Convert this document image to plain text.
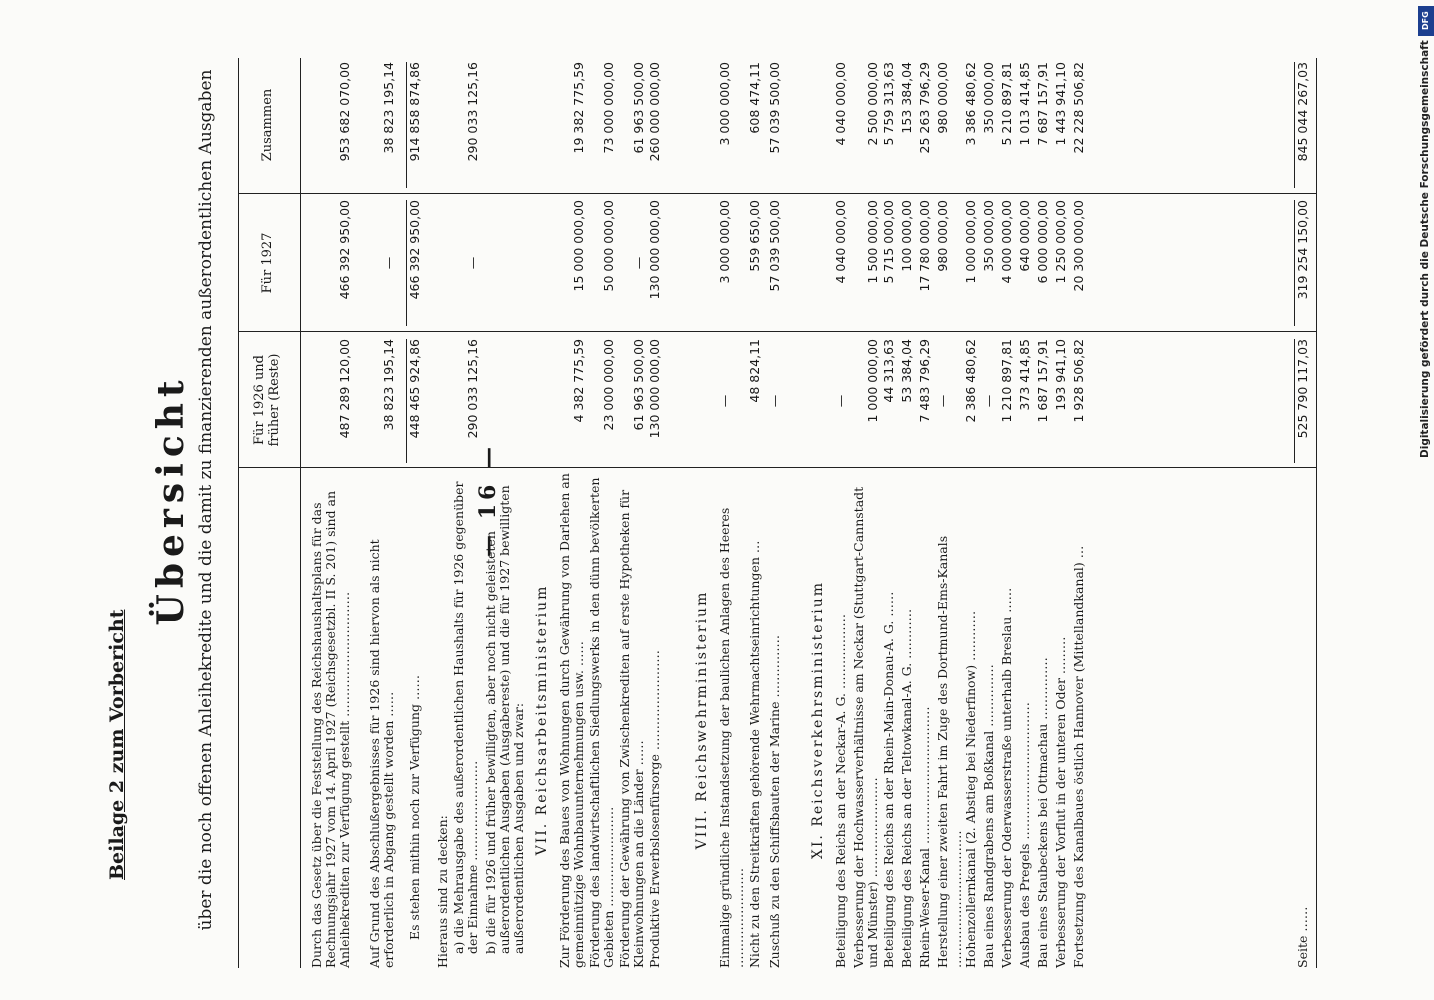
— 16 —
Beilage 2 zum Vorbericht
Übersicht über die noch offenen Anleihekredite und die damit zu finanzierenden außerordentlichen Ausgaben	Für 1926 und früher (Reste)
Für 1927
Zusammen
Durch das Gesetz über die Feststellung des Reichshaushaltsplans für das Rechnungsjahr 1927 vom 14. April 1927 (Reichsgesetzbl. II S. 201) sind an Anleihekrediten zur Verfügung gestellt …………………………
487 289 120,00
466 392 950,00
953 682 070,00
Auf Grund des Abschlußergebnisses für 1926 sind hiervon als nicht erforderlich in Abgang gestellt worden ……
38 823 195,14
—
38 823 195,14
Es stehen mithin noch zur Verfügung ……
448 465 924,86
466 392 950,00
914 858 874,86
Hieraus sind zu decken: a) die Mehrausgabe des außerordentlichen Haushalts für 1926 gegenüber der Einnahme ……………………
290 033 125,16
—
290 033 125,16
b) die für 1926 und früher bewilligten, aber noch nicht geleisteten außerordentlichen Ausgaben (Ausgabereste) und die für 1927 bewilligten außerordentlichen Ausgaben und zwar: VII. Reichsarbeitsministerium Zur Förderung des Baues von Wohnungen durch Gewährung von Darlehen an gemeinnützige Wohnbauunternehmungen usw. ……
4 382 775,59
15 000 000,00
19 382 775,59
Förderung des landwirtschaftlichen Siedlungswerks in den dünn bevölkerten Gebieten ……………………
23 000 000,00
50 000 000,00
73 000 000,00
Förderung der Gewährung von Zwischenkrediten auf erste Hypotheken für Kleinwohnungen an die Länder ……
61 963 500,00
—
61 963 500,00
Produktive Erwerbslosenfürsorge ……………………
130 000 000,00
130 000 000,00
260 000 000,00
VIII. Reichswehrministerium Einmalige gründliche Instandsetzung der baulichen Anlagen des Heeres ……………………
—
3 000 000,00
3 000 000,00
Nicht zu den Streitkräften gehörende Wehrmachtseinrichtungen …
48 824,11
559 650,00
608 474,11
Zuschuß zu den Schiffsbauten der Marine ……………
—
57 039 500,00
57 039 500,00
XI. Reichsverkehrsministerium Beteiligung des Reichs an der Neckar-A. G. ………………
—
4 040 000,00
4 040 000,00
Verbesserung der Hochwasserverhältnisse am Neckar (Stuttgart-Cannstadt und Münster) ……………………
1 000 000,00
1 500 000,00
2 500 000,00
Beteiligung des Reichs an der Rhein-Main-Donau-A. G. ……
44 313,63
5 715 000,00
5 759 313,63
Beteiligung des Reichs an der Teltowkanal-A. G. …………
53 384,04
100 000,00
153 384,04
Rhein-Weser-Kanal ……………………………
7 483 796,29
17 780 000,00
25 263 796,29
Herstellung einer zweiten Fahrt im Zuge des Dortmund-Ems-Kanals ……………………………
—
980 000,00
980 000,00
Hohenzollernkanal (2. Abstieg bei Niederfinow) …………
2 386 480,62
1 000 000,00
3 386 480,62
Bau eines Randgrabens am Boßkanal ……………
—
350 000,00
350 000,00
Verbesserung der Oderwasserstraße unterhalb Breslau ……
1 210 897,81
4 000 000,00
5 210 897,81
Ausbau des Pregels ……………………………
373 414,85
640 000,00
1 013 414,85
Bau eines Staubeckens bei Ottmachau ……………
1 687 157,91
6 000 000,00
7 687 157,91
Verbesserung der Vorflut in der unteren Oder ………
193 941,10
1 250 000,00
1 443 941,10
Fortsetzung des Kanalbaues östlich Hannover (Mittellandkanal) …
1 928 506,82
20 300 000,00
22 228 506,82
Seite ……
525 790 117,03
319 254 150,00
845 044 267,03
DFG
Digitalisierung gefördert durch die Deutsche Forschungsgemeinschaft
